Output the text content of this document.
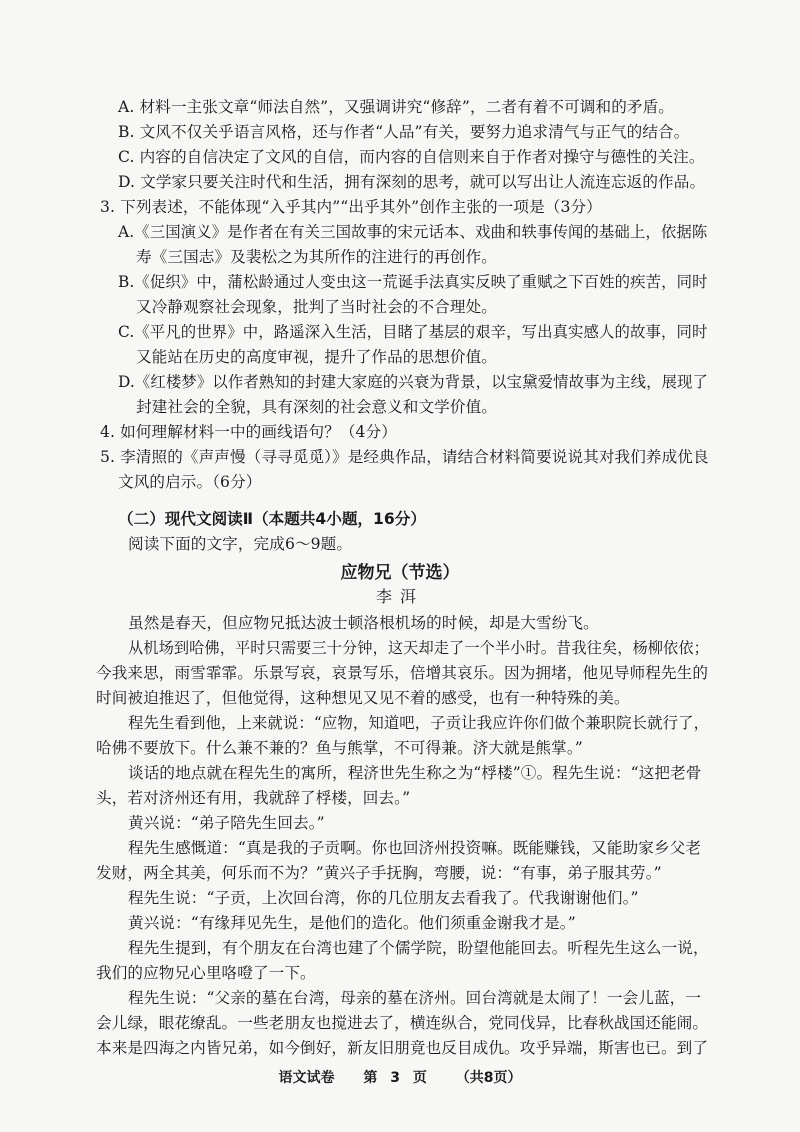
A. 材料一主张文章“师法自然”，又强调讲究“修辞”，二者有着不可调和的矛盾。
B. 文风不仅关乎语言风格，还与作者“人品”有关，要努力追求清气与正气的结合。
C. 内容的自信决定了文风的自信，而内容的自信则来自于作者对操守与德性的关注。
D. 文学家只要关注时代和生活，拥有深刻的思考，就可以写出让人流连忘返的作品。
3. 下列表述，不能体现“入乎其内”“出乎其外”创作主张的一项是（3分）
A.《三国演义》是作者在有关三国故事的宋元话本、戏曲和轶事传闻的基础上，依据陈
寿《三国志》及裴松之为其所作的注进行的再创作。
B.《促织》中，蒲松龄通过人变虫这一荒诞手法真实反映了重赋之下百姓的疾苦，同时
又冷静观察社会现象，批判了当时社会的不合理处。
C.《平凡的世界》中，路遥深入生活，目睹了基层的艰辛，写出真实感人的故事，同时
又能站在历史的高度审视，提升了作品的思想价值。
D.《红楼梦》以作者熟知的封建大家庭的兴衰为背景，以宝黛爱情故事为主线，展现了
封建社会的全貌，具有深刻的社会意义和文学价值。
4. 如何理解材料一中的画线语句？（4分）
5. 李清照的《声声慢（寻寻觅觅）》是经典作品，请结合材料简要说说其对我们养成优良
文风的启示。（6分）
（二）现代文阅读Ⅱ（本题共4小题，16分）
阅读下面的文字，完成6～9题。
应物兄（节选）
李洱
虽然是春天，但应物兄抵达波士顿洛根机场的时候，却是大雪纷飞。
从机场到哈佛，平时只需要三十分钟，这天却走了一个半小时。昔我往矣，杨柳依依；
今我来思，雨雪霏霏。乐景写哀，哀景写乐，倍增其哀乐。因为拥堵，他见导师程先生的
时间被迫推迟了，但他觉得，这种想见又见不着的感受，也有一种特殊的美。
程先生看到他，上来就说：“应物，知道吧，子贡让我应许你们做个兼职院长就行了，
哈佛不要放下。什么兼不兼的？鱼与熊掌，不可得兼。济大就是熊掌。”
谈话的地点就在程先生的寓所，程济世先生称之为“桴楼”①。程先生说：“这把老骨
头，若对济州还有用，我就辞了桴楼，回去。”
黄兴说：“弟子陪先生回去。”
程先生感慨道：“真是我的子贡啊。你也回济州投资嘛。既能赚钱，又能助家乡父老
发财，两全其美，何乐而不为？”黄兴子手抚胸，弯腰，说：“有事，弟子服其劳。”
程先生说：“子贡，上次回台湾，你的几位朋友去看我了。代我谢谢他们。”
黄兴说：“有缘拜见先生，是他们的造化。他们须重金谢我才是。”
程先生提到，有个朋友在台湾也建了个儒学院，盼望他能回去。听程先生这么一说，
我们的应物兄心里咯噔了一下。
程先生说：“父亲的墓在台湾，母亲的墓在济州。回台湾就是太闹了！一会儿蓝，一
语文试卷 第 3 页 （共8页）
会儿绿，眼花缭乱。一些老朋友也搅进去了，横连纵合，党同伐异，比春秋战国还能闹。
本来是四海之内皆兄弟，如今倒好，新友旧朋竟也反目成仇。攻乎异端，斯害也已。到了
